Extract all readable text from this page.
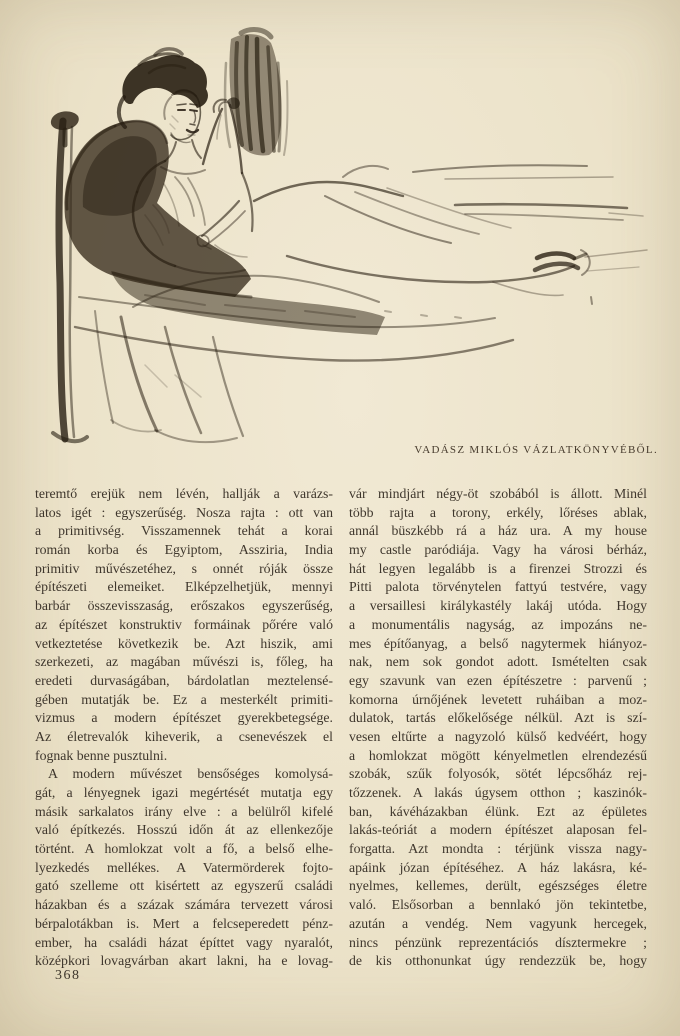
VADÁSZ MIKLÓS VÁZLATKÖNYVÉBŐL.
teremtő erejük nem lévén, hallják a varázs-
latos igét : egyszerűség. Nosza rajta : ott van
a primitivség. Visszamennek tehát a korai
román korba és Egyiptom, Assziria, India
primitiv művészetéhez, s onnét róják össze
építészeti elemeiket. Elképzelhetjük, mennyi
barbár összevisszaság, erőszakos egyszerűség,
az építészet konstruktiv formáinak pőrére való
vetkeztetése következik be. Azt hiszik, ami
szerkezeti, az magában művészi is, főleg, ha
eredeti durvaságában, bárdolatlan meztelensé-
gében mutatják be. Ez a mesterkélt primiti-
vizmus a modern építészet gyerekbetegsége.
Az életrevalók kiheverik, a csenevészek el
fognak benne pusztulni.
A modern művészet bensőséges komolysá-
gát, a lényegnek igazi megértését mutatja egy
másik sarkalatos irány elve : a belülről kifelé
való építkezés. Hosszú időn át az ellenkezője
történt. A homlokzat volt a fő, a belső elhe-
lyezkedés mellékes. A Vatermörderek fojto-
gató szelleme ott kisértett az egyszerű családi
házakban és a százak számára tervezett városi
bérpalotákban is. Mert a felcseperedett pénz-
ember, ha családi házat építtet vagy nyaralót,
középkori lovagvárban akart lakni, ha e lovag-
vár mindjárt négy-öt szobából is állott. Minél
több rajta a torony, erkély, lőréses ablak,
annál büszkébb rá a ház ura. A my house
my castle paródiája. Vagy ha városi bérház,
hát legyen legalább is a firenzei Strozzi és
Pitti palota törvénytelen fattyú testvére, vagy
a versaillesi királykastély lakáj utóda. Hogy
a monumentális nagyság, az impozáns ne-
mes építőanyag, a belső nagytermek hiányoz-
nak, nem sok gondot adott. Ismételten csak
egy szavunk van ezen építészetre : parvenű ;
komorna úrnőjének levetett ruháiban a moz-
dulatok, tartás előkelősége nélkül. Azt is szí-
vesen eltűrte a nagyzoló külső kedvéért, hogy
a homlokzat mögött kényelmetlen elrendezésű
szobák, szűk folyosók, sötét lépcsőház rej-
tőzzenek. A lakás úgysem otthon ; kaszinók-
ban, kávéházakban élünk. Ezt az épületes
lakás-teóriát a modern építészet alaposan fel-
forgatta. Azt mondta : térjünk vissza nagy-
apáink józan építéséhez. A ház lakásra, ké-
nyelmes, kellemes, derült, egészséges életre
való. Elsősorban a bennlakó jön tekintetbe,
azután a vendég. Nem vagyunk hercegek,
nincs pénzünk reprezentációs dísztermekre ;
de kis otthonunkat úgy rendezzük be, hogy
368
